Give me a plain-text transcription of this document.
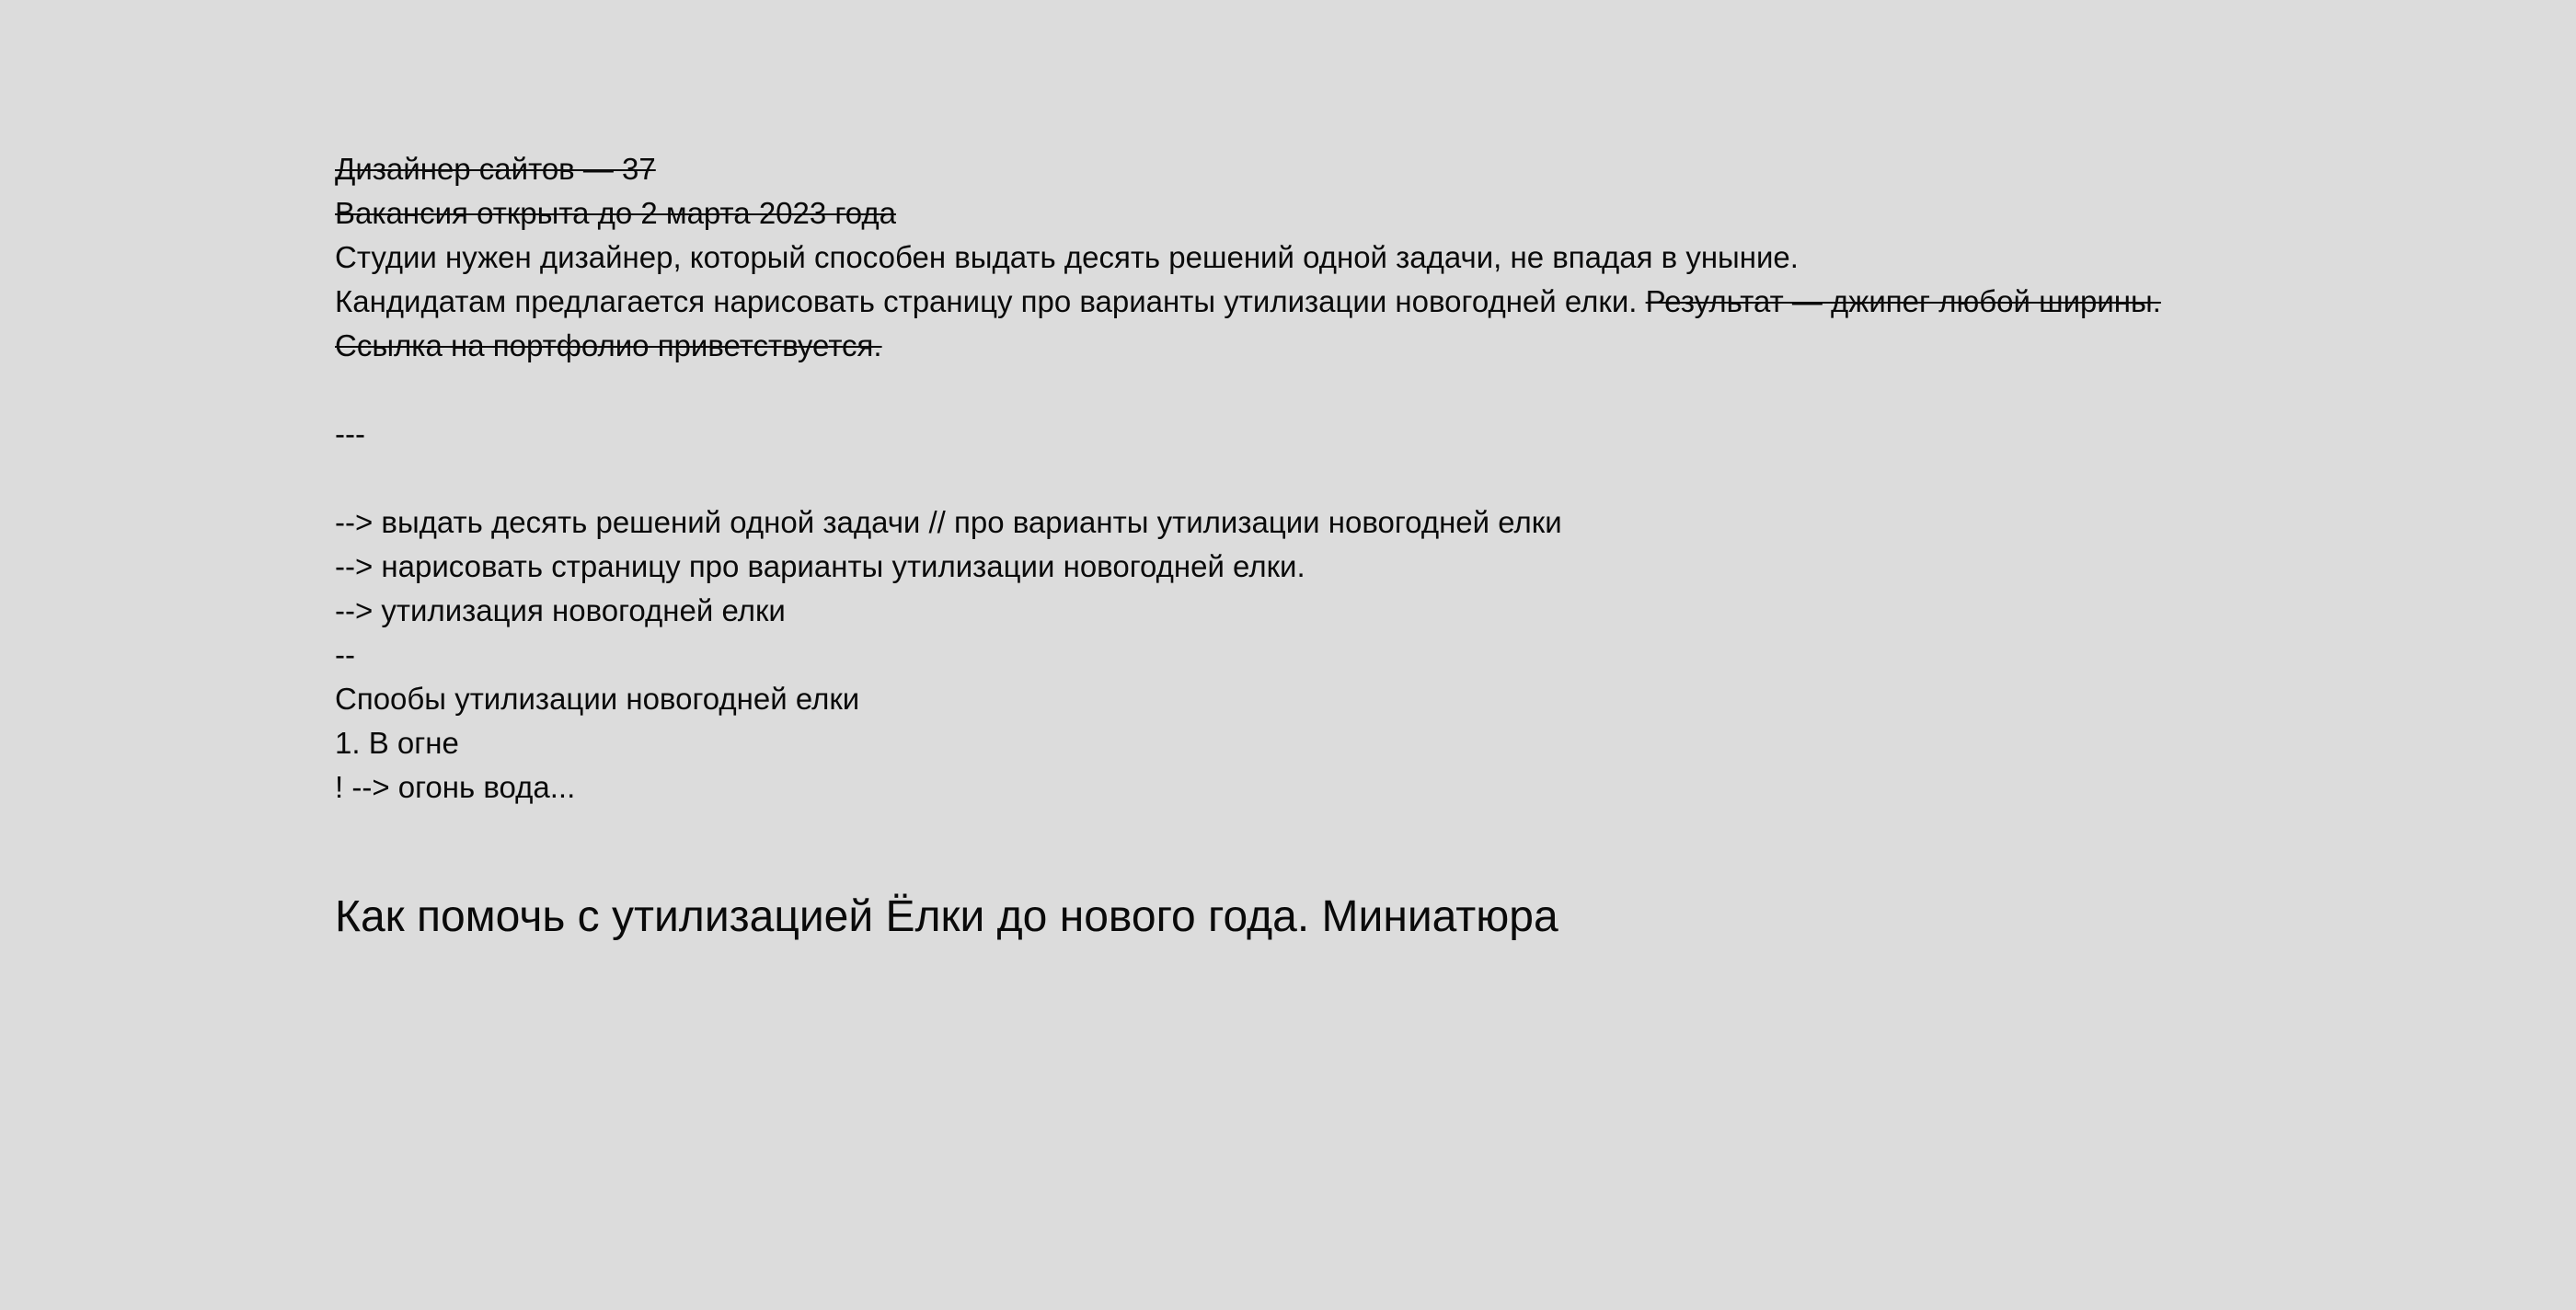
Дизайнер сайтов — 37
Вакансия открыта до 2 марта 2023 года
Студии нужен дизайнер, который способен выдать десять решений одной задачи, не впадая в уныние.
Кандидатам предлагается нарисовать страницу про варианты утилизации новогодней елки. Результат — джипег любой ширины.
Ссылка на портфолио приветствуется.
---
--> выдать десять решений одной задачи // про варианты утилизации новогодней елки
--> нарисовать страницу про варианты утилизации новогодней елки.
--> утилизация новогодней елки
--
Спообы утилизации новогодней елки
1. В огне
! --> огонь вода...
Как помочь с утилизацией Ёлки до нового года. Миниатюра
